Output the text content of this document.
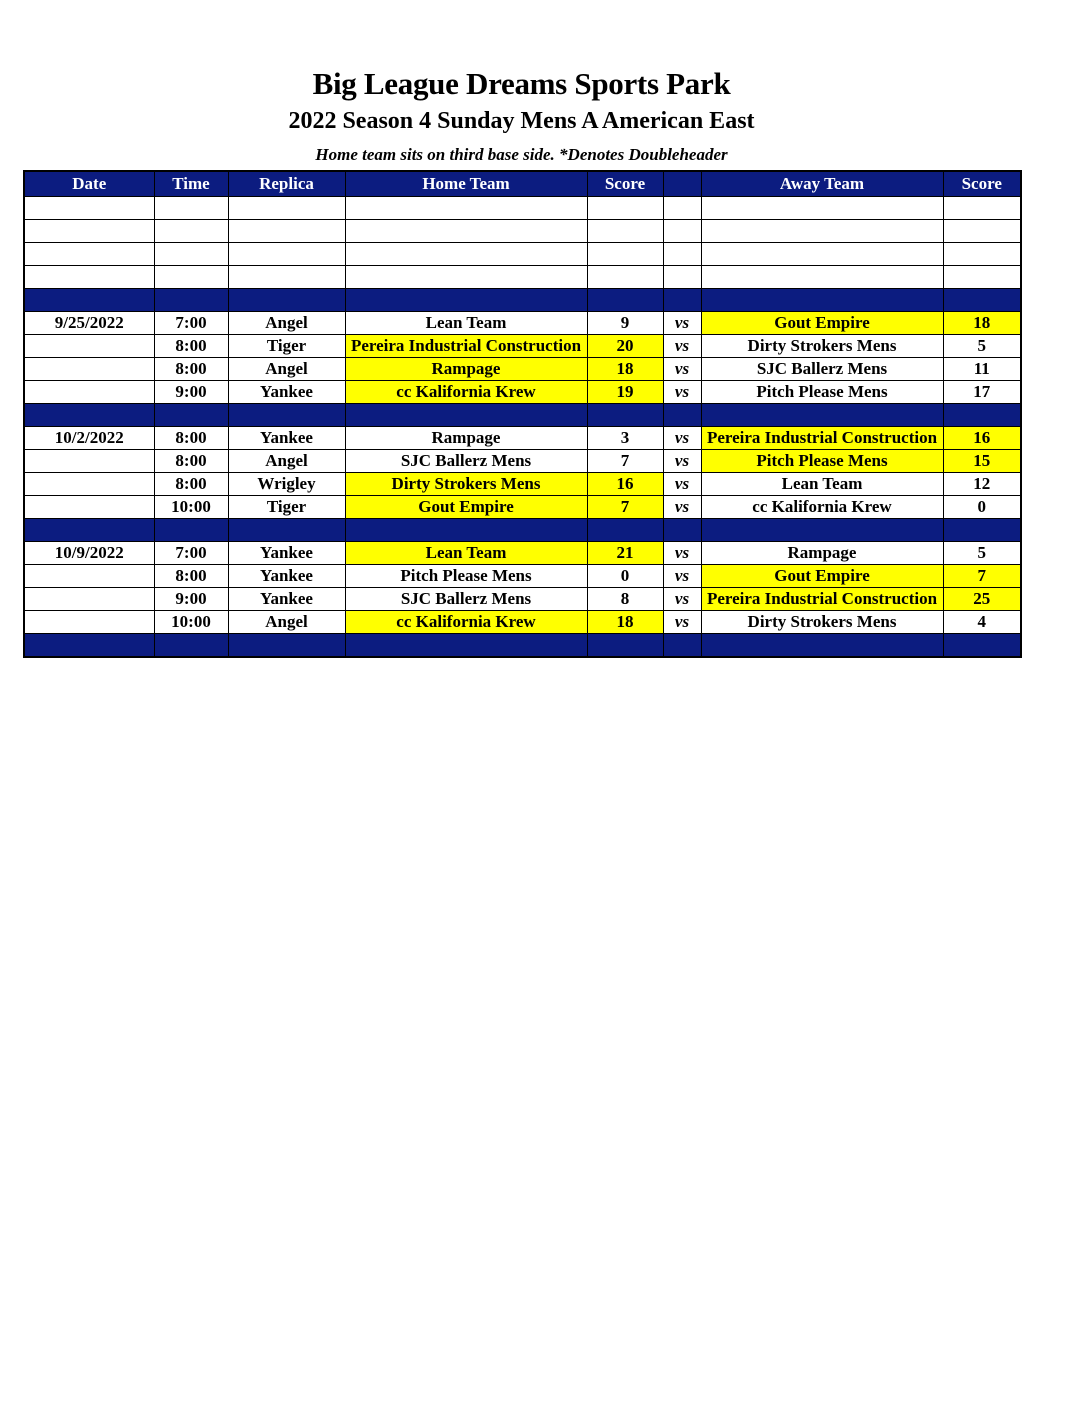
Big League Dreams Sports Park
2022 Season 4 Sunday Mens A American East
Home team sits on third base side. *Denotes Doubleheader
Date	Time	Replica	Home Team	Score		Away Team	Score

9/25/2022	7:00	Angel	Lean Team	9	vs	Gout Empire	18
	8:00	Tiger	Pereira Industrial Construction	20	vs	Dirty Strokers Mens	5
	8:00	Angel	Rampage	18	vs	SJC Ballerz Mens	11
	9:00	Yankee	cc Kalifornia Krew	19	vs	Pitch Please Mens	17

10/2/2022	8:00	Yankee	Rampage	3	vs	Pereira Industrial Construction	16
	8:00	Angel	SJC Ballerz Mens	7	vs	Pitch Please Mens	15
	8:00	Wrigley	Dirty Strokers Mens	16	vs	Lean Team	12
	10:00	Tiger	Gout Empire	7	vs	cc Kalifornia Krew	0

10/9/2022	7:00	Yankee	Lean Team	21	vs	Rampage	5
	8:00	Yankee	Pitch Please Mens	0	vs	Gout Empire	7
	9:00	Yankee	SJC Ballerz Mens	8	vs	Pereira Industrial Construction	25
	10:00	Angel	cc Kalifornia Krew	18	vs	Dirty Strokers Mens	4
